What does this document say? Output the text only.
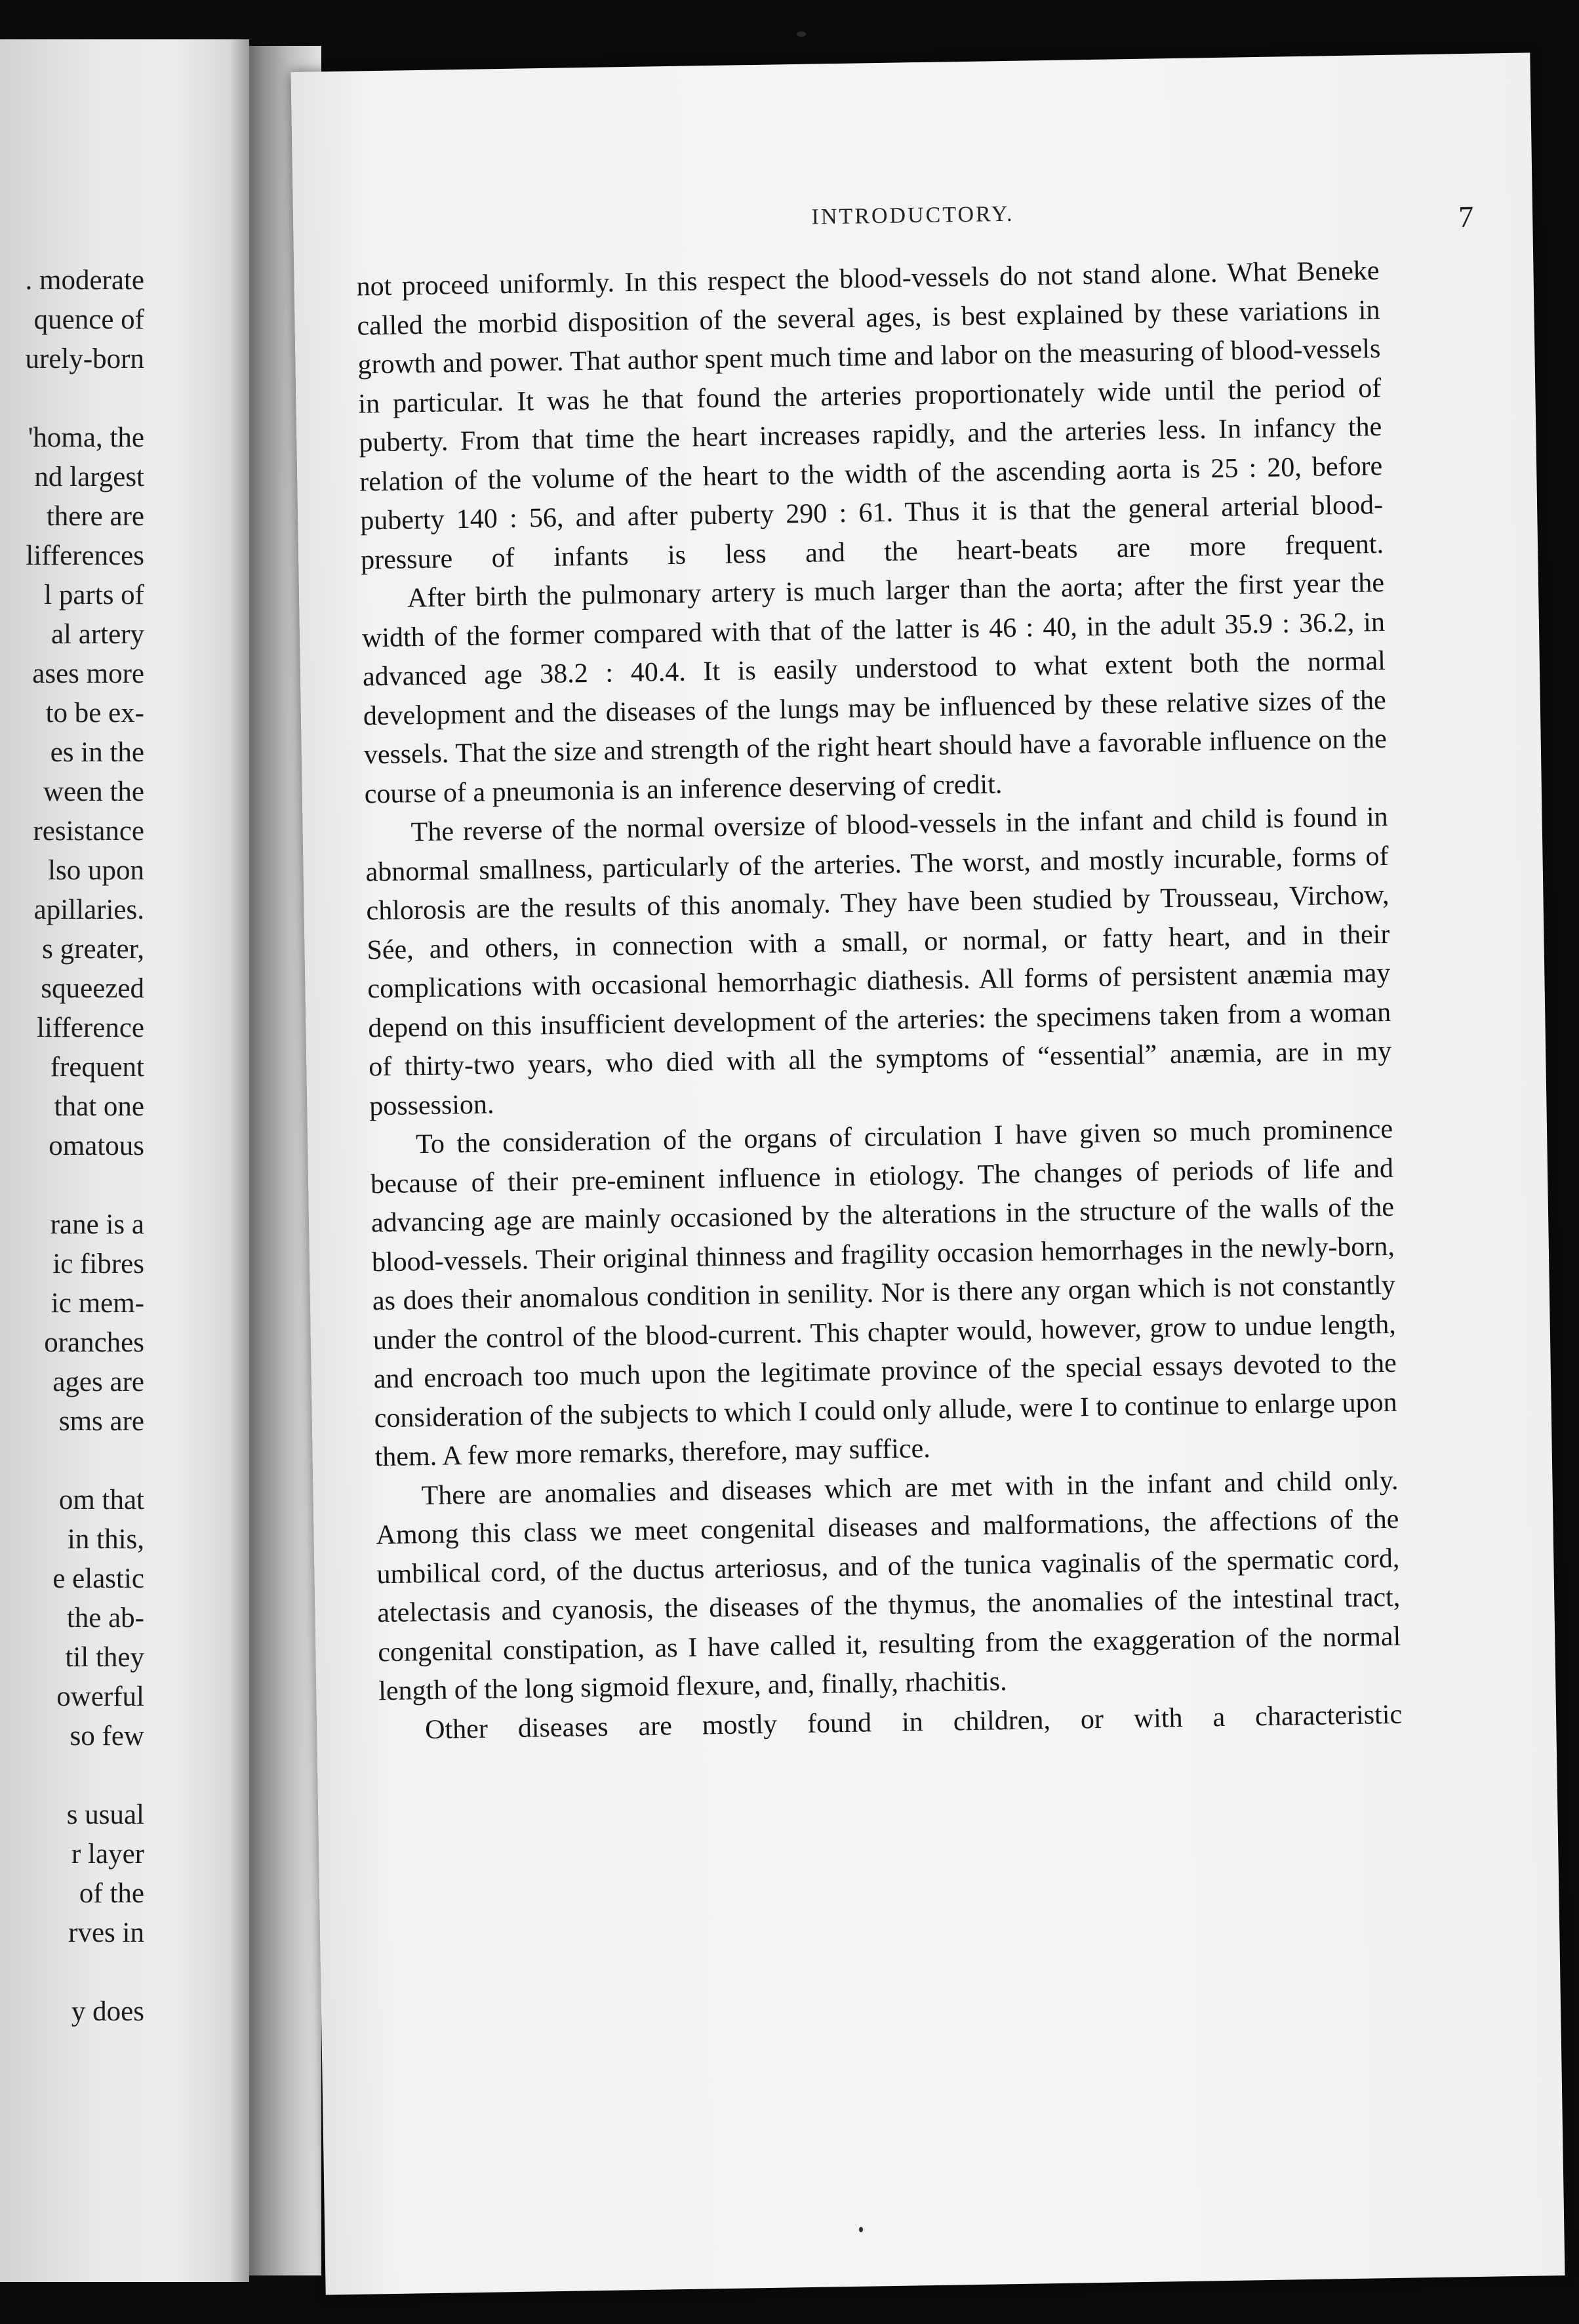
. moderate
quence of
urely-born
'homa, the
nd largest
there are
lifferences
l parts of
al artery
ases more
to be ex-
es in the
ween the
resistance
lso upon
apillaries.
s greater,
squeezed
lifference
frequent
that one
omatous
rane is a
ic fibres
ic mem-
oranches
ages are
sms are
om that
in this,
e elastic
the ab-
til they
owerful
so few
s usual
r layer
of the
rves in
y does
INTRODUCTORY.	7

not proceed uniformly. In this respect the blood-vessels do not stand alone. What Beneke called the morbid disposition of the several ages, is best explained by these variations in growth and power. That author spent much time and labor on the measuring of blood-vessels in particular. It was he that found the arteries proportionately wide until the period of puberty. From that time the heart increases rapidly, and the arteries less. In infancy the relation of the volume of the heart to the width of the ascending aorta is 25 : 20, before puberty 140 : 56, and after puberty 290 : 61. Thus it is that the general arterial blood-pressure of infants is less and the heart-beats are more frequent.

After birth the pulmonary artery is much larger than the aorta; after the first year the width of the former compared with that of the latter is 46 : 40, in the adult 35.9 : 36.2, in advanced age 38.2 : 40.4. It is easily understood to what extent both the normal development and the diseases of the lungs may be influenced by these relative sizes of the vessels. That the size and strength of the right heart should have a favorable influence on the course of a pneumonia is an inference deserving of credit.

The reverse of the normal oversize of blood-vessels in the infant and child is found in abnormal smallness, particularly of the arteries. The worst, and mostly incurable, forms of chlorosis are the results of this anomaly. They have been studied by Trousseau, Virchow, Sée, and others, in connection with a small, or normal, or fatty heart, and in their complications with occasional hemorrhagic diathesis. All forms of persistent anæmia may depend on this insufficient development of the arteries: the specimens taken from a woman of thirty-two years, who died with all the symptoms of “essential” anæmia, are in my possession.

To the consideration of the organs of circulation I have given so much prominence because of their pre-eminent influence in etiology. The changes of periods of life and advancing age are mainly occasioned by the alterations in the structure of the walls of the blood-vessels. Their original thinness and fragility occasion hemorrhages in the newly-born, as does their anomalous condition in senility. Nor is there any organ which is not constantly under the control of the blood-current. This chapter would, however, grow to undue length, and encroach too much upon the legitimate province of the special essays devoted to the consideration of the subjects to which I could only allude, were I to continue to enlarge upon them. A few more remarks, therefore, may suffice.

There are anomalies and diseases which are met with in the infant and child only. Among this class we meet congenital diseases and malformations, the affections of the umbilical cord, of the ductus arteriosus, and of the tunica vaginalis of the spermatic cord, atelectasis and cyanosis, the diseases of the thymus, the anomalies of the intestinal tract, congenital constipation, as I have called it, resulting from the exaggeration of the normal length of the long sigmoid flexure, and, finally, rhachitis.

Other diseases are mostly found in children, or with a characteristic
